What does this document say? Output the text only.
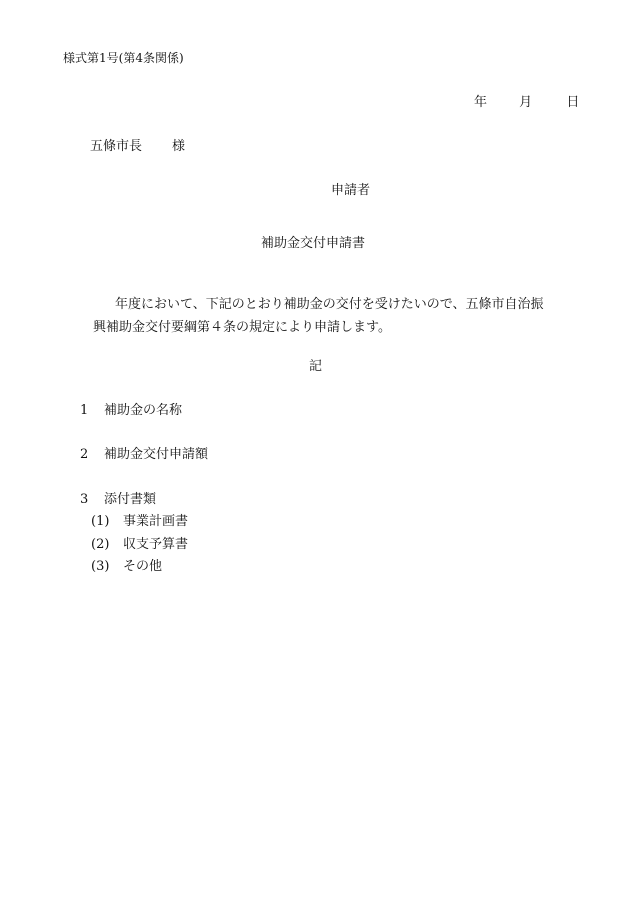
様式第1号(第4条関係)
年 月	日
五條市長 様
申請者
補助金交付申請書
年度において、下記のとおり補助金の交付を受けたいので、五條市自治振
興補助金交付要綱第４条の規定により申請します。
記
1 補助金の名称
2 補助金交付申請額
3 添付書類
(1) 事業計画書
(2) 収支予算書
(3) その他
